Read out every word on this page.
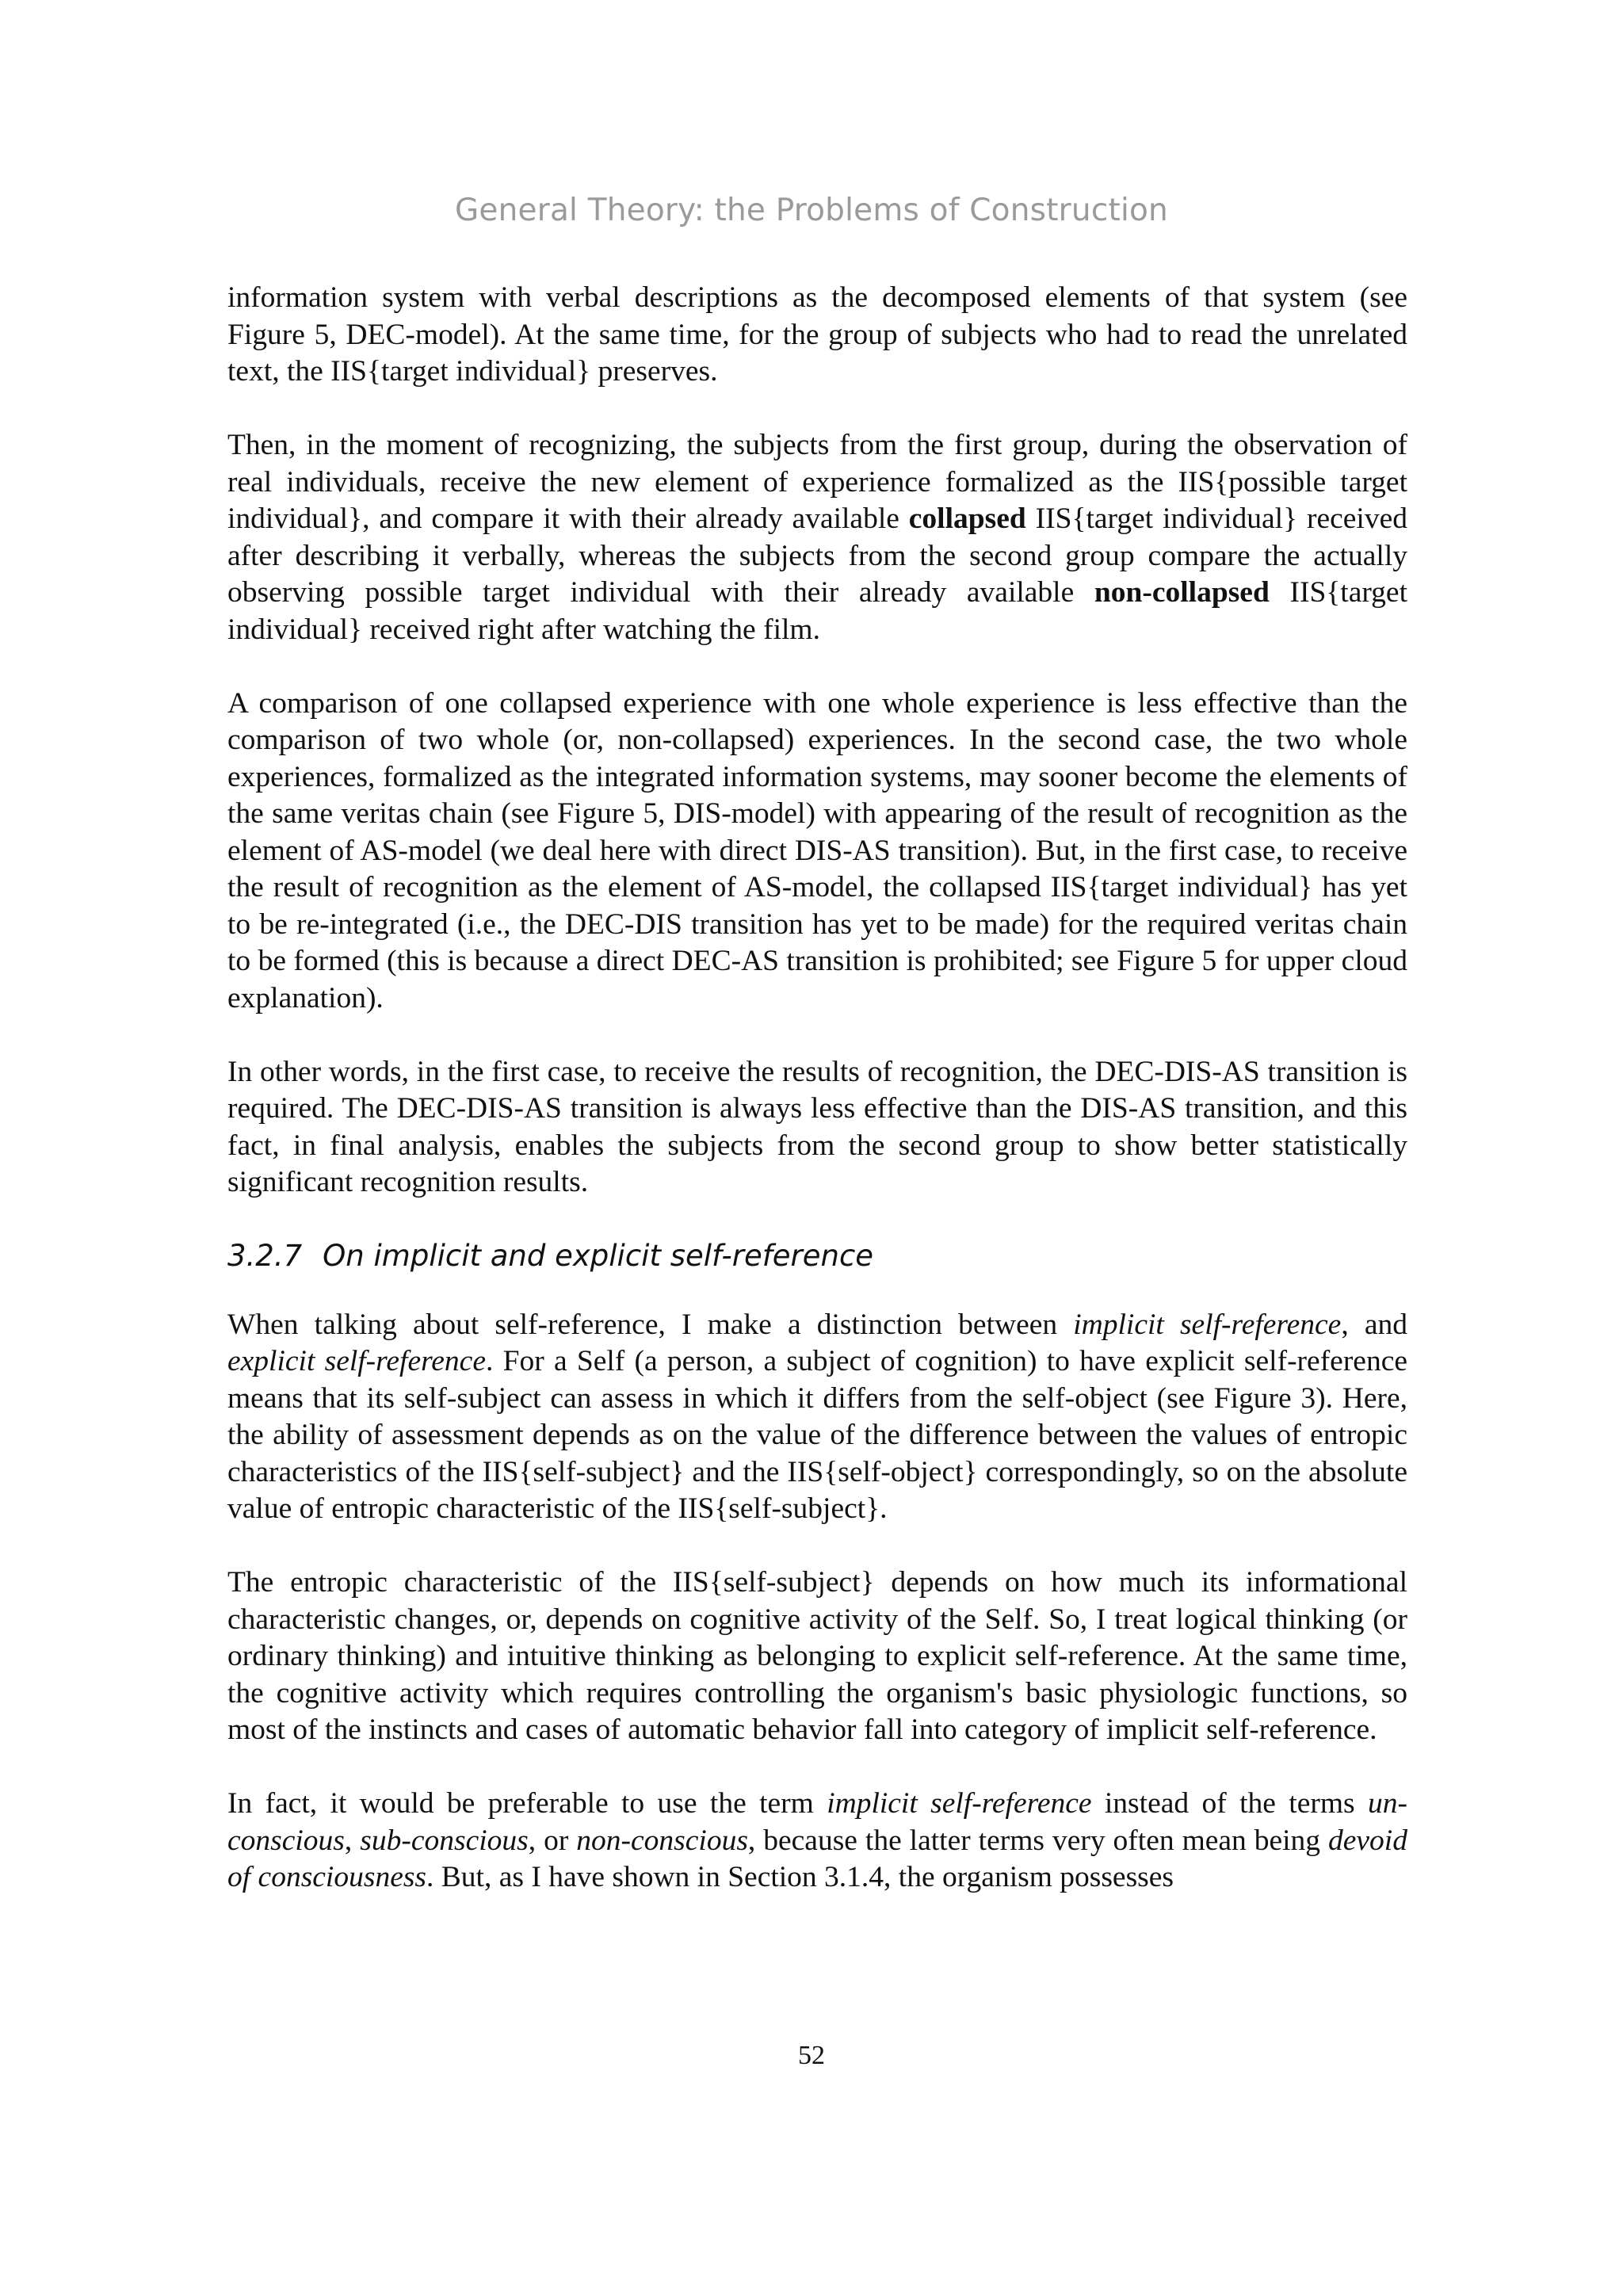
General Theory: the Problems of Construction

information system with verbal descriptions as the decomposed elements of that system (see Figure 5, DEC-model). At the same time, for the group of subjects who had to read the unrelated text, the IIS{target individual} preserves.

Then, in the moment of recognizing, the subjects from the first group, during the observation of real individuals, receive the new element of experience formalized as the IIS{possible target individual}, and compare it with their already available collapsed IIS{target individual} received after describing it verbally, whereas the subjects from the second group compare the actually observing possible target individual with their already available non-collapsed IIS{target individual} received right after watching the film.

A comparison of one collapsed experience with one whole experience is less effective than the comparison of two whole (or, non-collapsed) experiences. In the second case, the two whole experiences, formalized as the integrated information systems, may sooner become the elements of the same veritas chain (see Figure 5, DIS-model) with appearing of the result of recognition as the element of AS-model (we deal here with direct DIS-AS transition). But, in the first case, to receive the result of recognition as the element of AS-model, the collapsed IIS{target individual} has yet to be re-integrated (i.e., the DEC-DIS transition has yet to be made) for the required veritas chain to be formed (this is because a direct DEC-AS transition is prohibited; see Figure 5 for upper cloud explanation).

In other words, in the first case, to receive the results of recognition, the DEC-DIS-AS transition is required. The DEC-DIS-AS transition is always less effective than the DIS-AS transition, and this fact, in final analysis, enables the subjects from the second group to show better statistically significant recognition results.

3.2.7 On implicit and explicit self-reference

When talking about self-reference, I make a distinction between implicit self-reference, and explicit self-reference. For a Self (a person, a subject of cognition) to have explicit self-reference means that its self-subject can assess in which it differs from the self-object (see Figure 3). Here, the ability of assessment depends as on the value of the difference between the values of entropic characteristics of the IIS{self-subject} and the IIS{self-object} correspondingly, so on the absolute value of entropic characteristic of the IIS{self-subject}.

The entropic characteristic of the IIS{self-subject} depends on how much its informational characteristic changes, or, depends on cognitive activity of the Self. So, I treat logical thinking (or ordinary thinking) and intuitive thinking as belonging to explicit self-reference. At the same time, the cognitive activity which requires controlling the organism's basic physiologic functions, so most of the instincts and cases of automatic behavior fall into category of implicit self-reference.

In fact, it would be preferable to use the term implicit self-reference instead of the terms un-conscious, sub-conscious, or non-conscious, because the latter terms very often mean being devoid of consciousness. But, as I have shown in Section 3.1.4, the organism possesses

52
